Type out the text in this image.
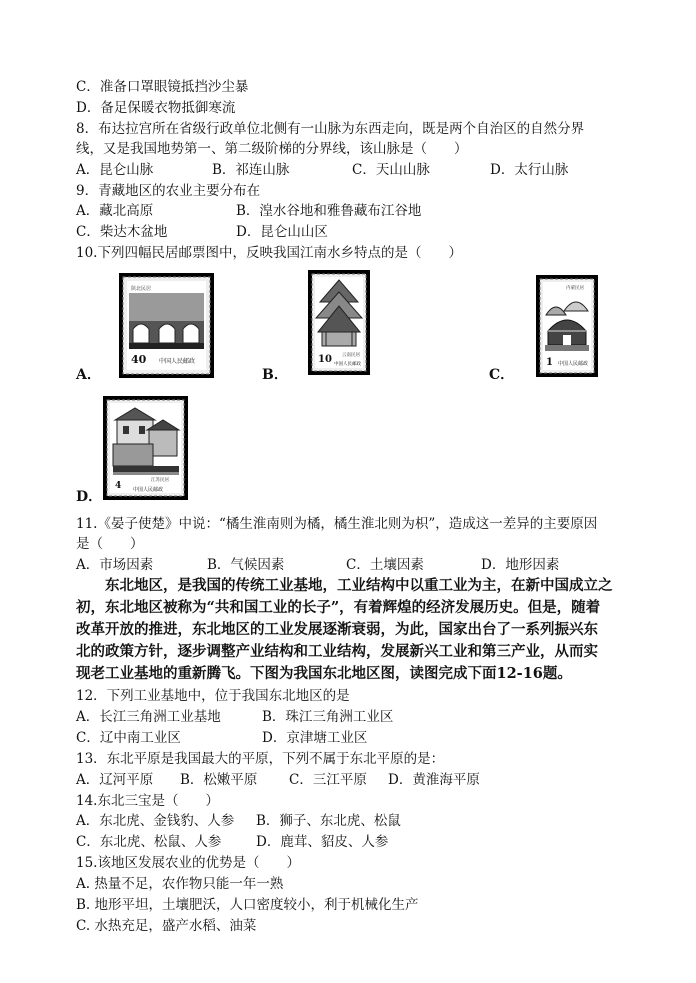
C．准备口罩眼镜抵挡沙尘暴
D．备足保暖衣物抵御寒流
8．布达拉宫所在省级行政单位北侧有一山脉为东西走向，既是两个自治区的自然分界
线，又是我国地势第一、第二级阶梯的分界线，该山脉是（　　）
A．昆仑山脉	B．祁连山脉	C．天山山脉	D．太行山脉
9．青藏地区的农业主要分布在
A．藏北高原	B．湟水谷地和雅鲁藏布江谷地
C．柴达木盆地	D．昆仑山山区
10.下列四幅民居邮票图中，反映我国江南水乡特点的是（　　）
A．
陕北民居
40 中国人民邮政
B．
10 云南民居
中国人民邮政
C．
内蒙民居
1 中国人民邮政
D．
4
江苏民居
中国人民邮政
11.《晏子使楚》中说：“橘生淮南则为橘，橘生淮北则为枳”，造成这一差异的主要原因
是（　　）
A．市场因素	B．气候因素	C．土壤因素	D．地形因素
　　东北地区，是我国的传统工业基地，工业结构中以重工业为主，在新中国成立之
初，东北地区被称为“共和国工业的长子”，有着辉煌的经济发展历史。但是，随着
改革开放的推进，东北地区的工业发展逐渐衰弱，为此，国家出台了一系列振兴东
北的政策方针，逐步调整产业结构和工业结构，发展新兴工业和第三产业，从而实
现老工业基地的重新腾飞。下图为我国东北地区图，读图完成下面12-16题。
12．下列工业基地中，位于我国东北地区的是
A．长江三角洲工业基地	B．珠江三角洲工业区
C．辽中南工业区	D．京津塘工业区
13．东北平原是我国最大的平原，下列不属于东北平原的是：
A．辽河平原 B．松嫩平原 C．三江平原 D．黄淮海平原
14.东北三宝是（　　）
A．东北虎、金钱豹、人参 B．狮子、东北虎、松鼠
C．东北虎、松鼠、人参	D．鹿茸、貂皮、人参
15.该地区发展农业的优势是（　　）
A. 热量不足，农作物只能一年一熟
B. 地形平坦，土壤肥沃，人口密度较小，利于机械化生产
C. 水热充足，盛产水稻、油菜
